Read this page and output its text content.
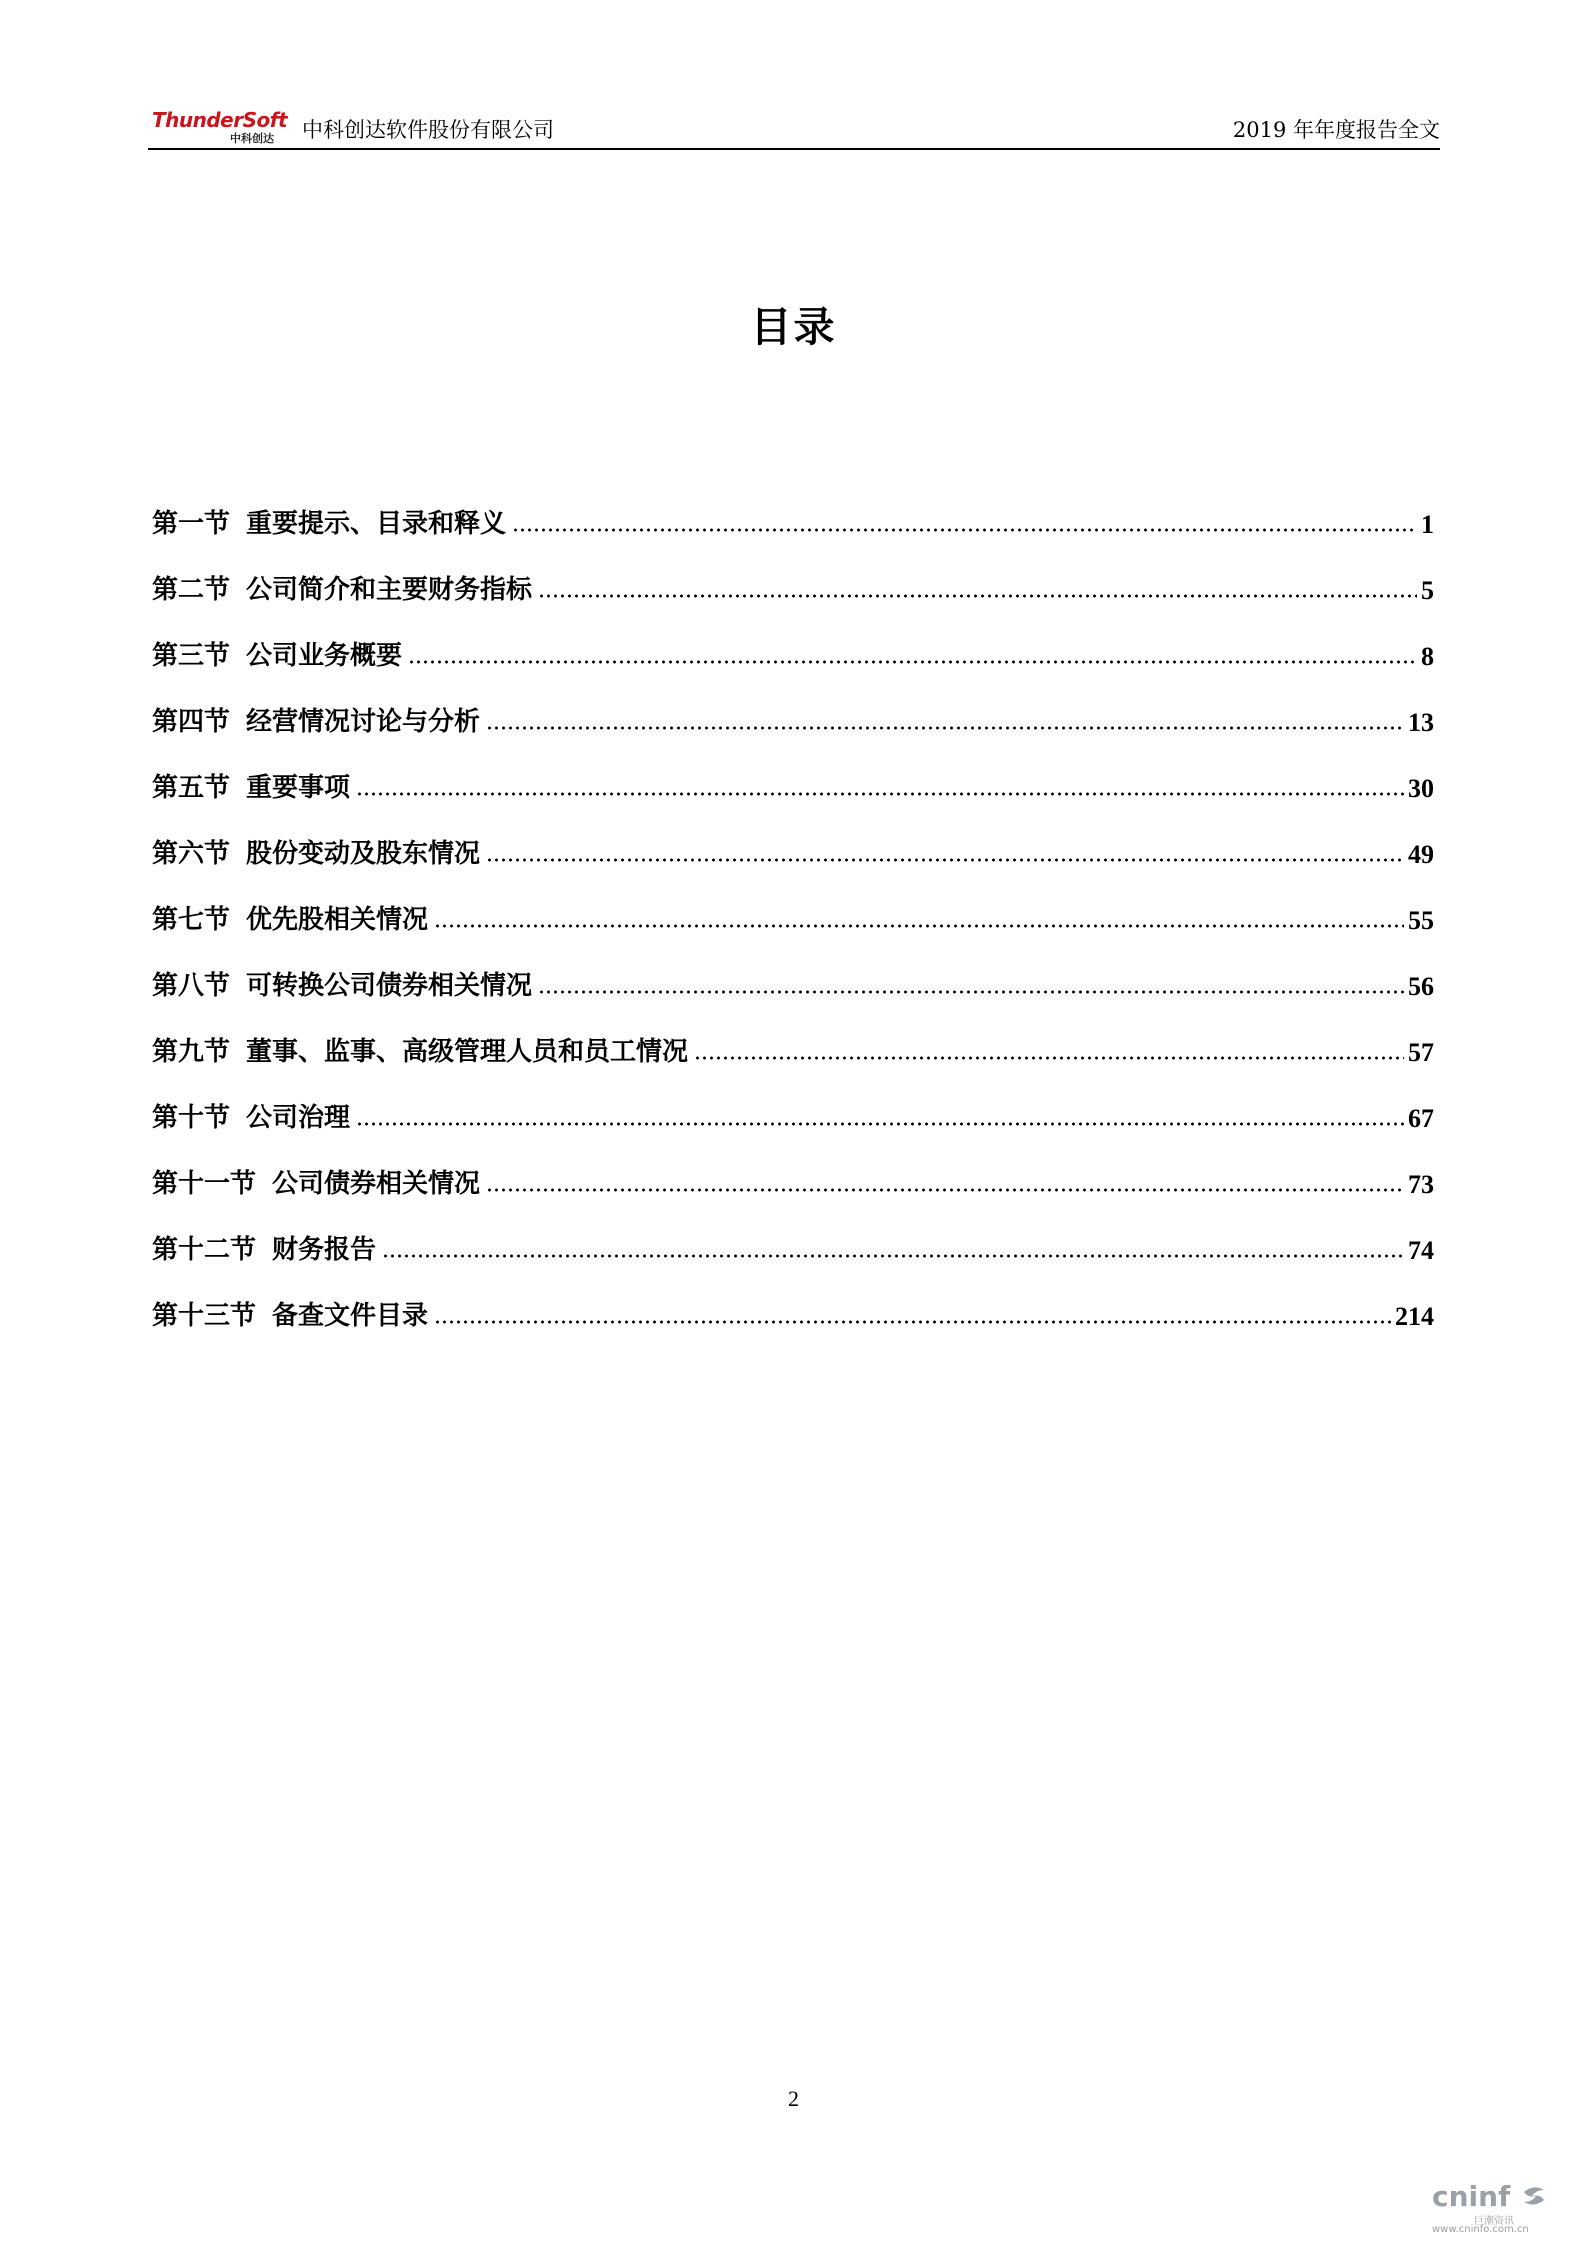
ThunderSoft
中科创达 中科创达软件股份有限公司	2019 年年度报告全文
目录
第一节 重要提示、目录和释义	1
第二节 公司简介和主要财务指标	5
第三节 公司业务概要	8
第四节 经营情况讨论与分析	13
第五节 重要事项	30
第六节 股份变动及股东情况	49
第七节 优先股相关情况	55
第八节 可转换公司债券相关情况	56
第九节 董事、监事、高级管理人员和员工情况	57
第十节 公司治理	67
第十一节 公司债券相关情况	73
第十二节 财务报告	74
第十三节 备查文件目录	214
2
cninf
巨潮资讯
www.cninfo.com.cn
